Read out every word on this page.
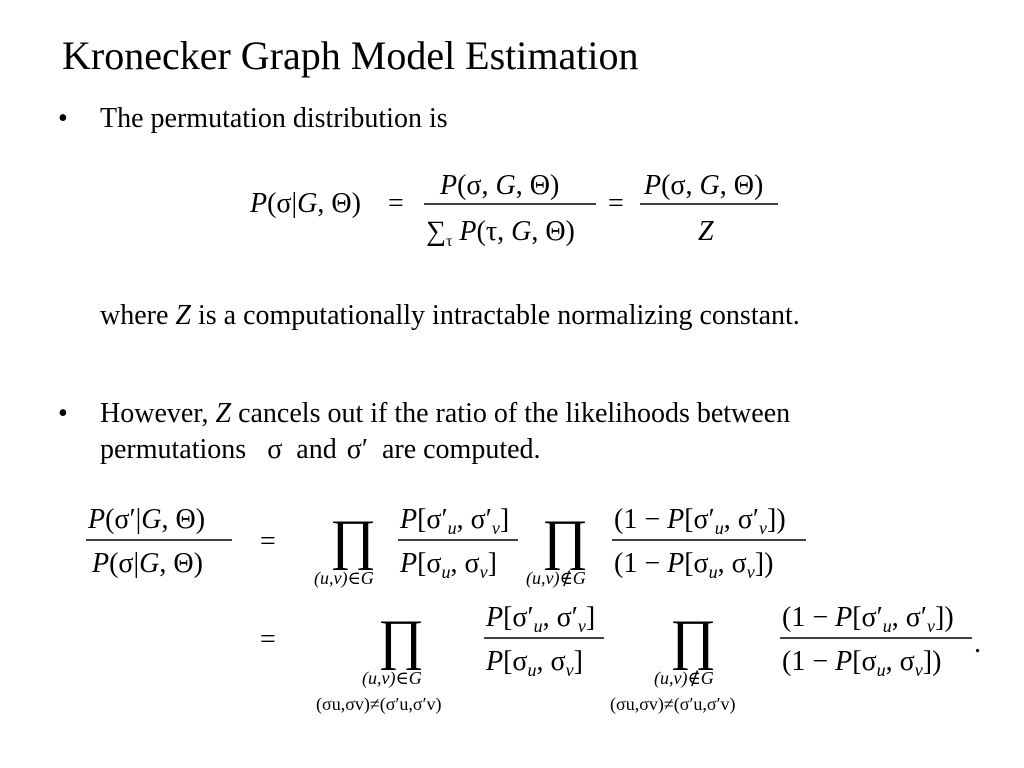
Kronecker Graph Model Estimation
• The permutation distribution is
P(σ|G, Θ) =
P(σ, G, Θ)
$\sum_\tau$ P(τ, G, Θ)
=
P(σ, G, Θ)
Z
where Z is a computationally intractable normalizing constant.
• However, Z cancels out if the ratio of the likelihoods between
permutations σ and σ′ are computed.
P(σ′|G, Θ)
P(σ|G, Θ)
= ∏
(u,v)∈G
$P[\sigma'_u$, $\sigma'_v$]
$P[\sigma_u$, $\sigma_v$] ∏
(u,v)∉G
($1 - P[\sigma'_u$, $\sigma'_v$])
($1 - P[\sigma_u$, $\sigma_v$])
= ∏
(u,v)∈G
(σu,σv)≠(σ′u,σ′v)
$P[\sigma'_u$, $\sigma'_v$]
$P[\sigma_u$, $\sigma_v$] ∏
(u,v)∉G
(σu,σv)≠(σ′u,σ′v)
($1 - P[\sigma'_u$, $\sigma'_v$])
($1 - P[\sigma_u$, $\sigma_v$])
.
